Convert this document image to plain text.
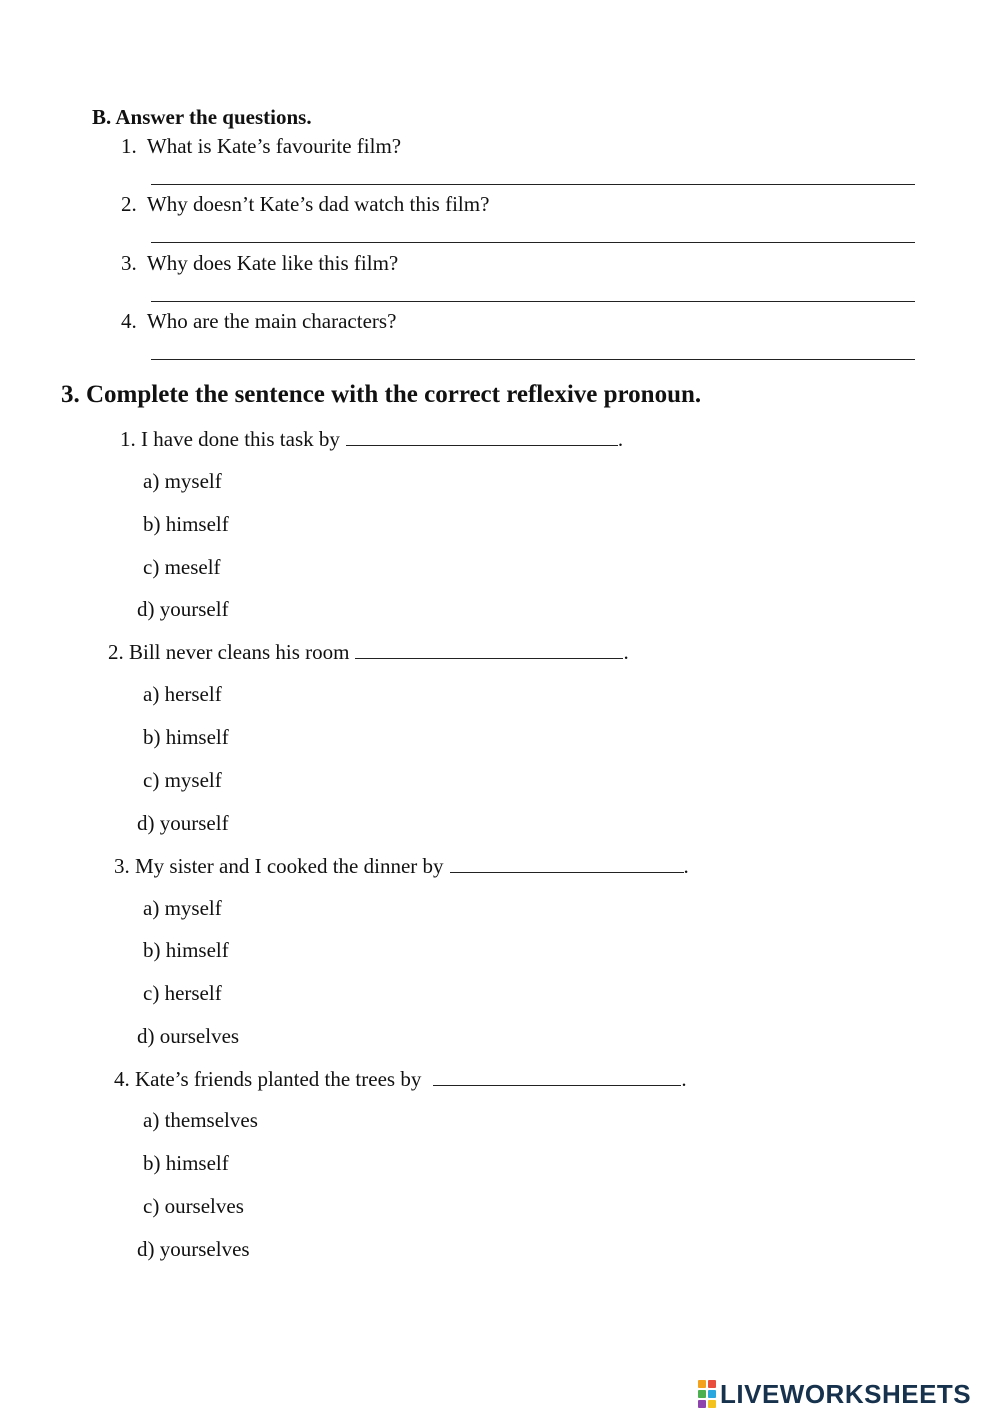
B. Answer the questions.
1. What is Kate’s favourite film?
2. Why doesn’t Kate’s dad watch this film?
3. Why does Kate like this film?
4. Who are the main characters?
3. Complete the sentence with the correct reflexive pronoun.
1. I have done this task by	.
a) myself
b) himself
c) meself
d) yourself
2. Bill never cleans his room	.
a) herself
b) himself
c) myself
d) yourself
3. My sister and I cooked the dinner by	.
a) myself
b) himself
c) herself
d) ourselves
4. Kate’s friends planted the trees by	.
a) themselves
b) himself
c) ourselves
d) yourselves
LIVEWORKSHEETS
